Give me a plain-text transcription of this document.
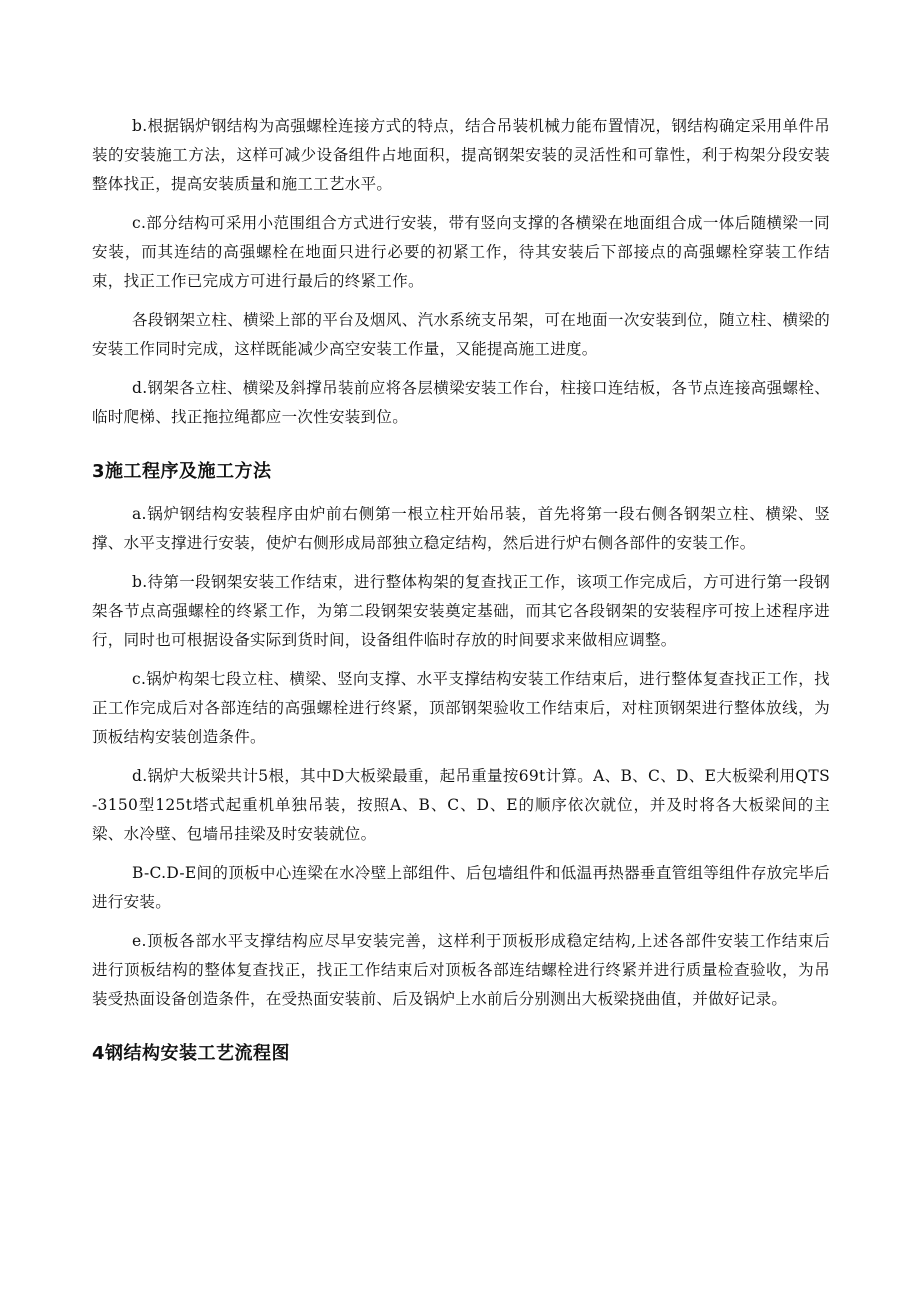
b.根据锅炉钢结构为高强螺栓连接方式的特点，结合吊装机械力能布置情况，钢结构确定采用单件吊装的安装施工方法，这样可减少设备组件占地面积，提高钢架安装的灵活性和可靠性，利于构架分段安装整体找正，提高安装质量和施工工艺水平。

c.部分结构可采用小范围组合方式进行安装，带有竖向支撑的各横梁在地面组合成一体后随横梁一同安装，而其连结的高强螺栓在地面只进行必要的初紧工作，待其安装后下部接点的高强螺栓穿装工作结束，找正工作已完成方可进行最后的终紧工作。

各段钢架立柱、横梁上部的平台及烟风、汽水系统支吊架，可在地面一次安装到位，随立柱、横梁的安装工作同时完成，这样既能减少高空安装工作量，又能提高施工进度。

d.钢架各立柱、横梁及斜撑吊装前应将各层横梁安装工作台，柱接口连结板，各节点连接高强螺栓、临时爬梯、找正拖拉绳都应一次性安装到位。

3施工程序及施工方法

a.锅炉钢结构安装程序由炉前右侧第一根立柱开始吊装，首先将第一段右侧各钢架立柱、横梁、竖撑、水平支撑进行安装，使炉右侧形成局部独立稳定结构，然后进行炉右侧各部件的安装工作。

b.待第一段钢架安装工作结束，进行整体构架的复查找正工作，该项工作完成后，方可进行第一段钢架各节点高强螺栓的终紧工作，为第二段钢架安装奠定基础，而其它各段钢架的安装程序可按上述程序进行，同时也可根据设备实际到货时间，设备组件临时存放的时间要求来做相应调整。

c.锅炉构架七段立柱、横梁、竖向支撑、水平支撑结构安装工作结束后，进行整体复查找正工作，找正工作完成后对各部连结的高强螺栓进行终紧，顶部钢架验收工作结束后，对柱顶钢架进行整体放线，为顶板结构安装创造条件。

d.锅炉大板梁共计5根，其中D大板梁最重，起吊重量按69t计算。A、B、C、D、E大板梁利用QTS-3150型125t塔式起重机单独吊装，按照A、B、C、D、E的顺序依次就位，并及时将各大板梁间的主梁、水冷壁、包墙吊挂梁及时安装就位。

B-C.D-E间的顶板中心连梁在水冷壁上部组件、后包墙组件和低温再热器垂直管组等组件存放完毕后进行安装。

e.顶板各部水平支撑结构应尽早安装完善，这样利于顶板形成稳定结构,上述各部件安装工作结束后进行顶板结构的整体复查找正，找正工作结束后对顶板各部连结螺栓进行终紧并进行质量检查验收，为吊装受热面设备创造条件，在受热面安装前、后及锅炉上水前后分别测出大板梁挠曲值，并做好记录。

4钢结构安装工艺流程图
